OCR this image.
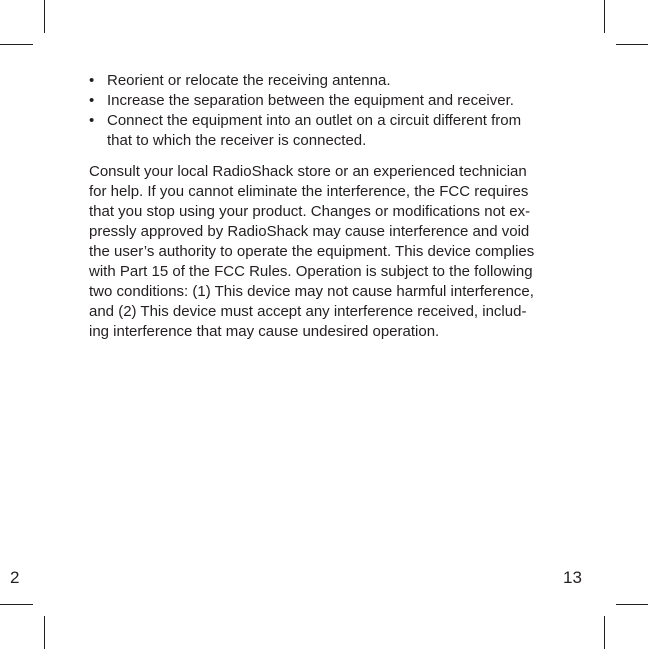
• Reorient or relocate the receiving antenna.
• Increase the separation between the equipment and receiver.
• Connect the equipment into an outlet on a circuit different from
that to which the receiver is connected.

Consult your local RadioShack store or an experienced technician
for help. If you cannot eliminate the interference, the FCC requires
that you stop using your product. Changes or modifications not ex-
pressly approved by RadioShack may cause interference and void
the user’s authority to operate the equipment. This device complies
with Part 15 of the FCC Rules. Operation is subject to the following
two conditions: (1) This device may not cause harmful interference,
and (2) This device must accept any interference received, includ-
ing interference that may cause undesired operation.

2	13
